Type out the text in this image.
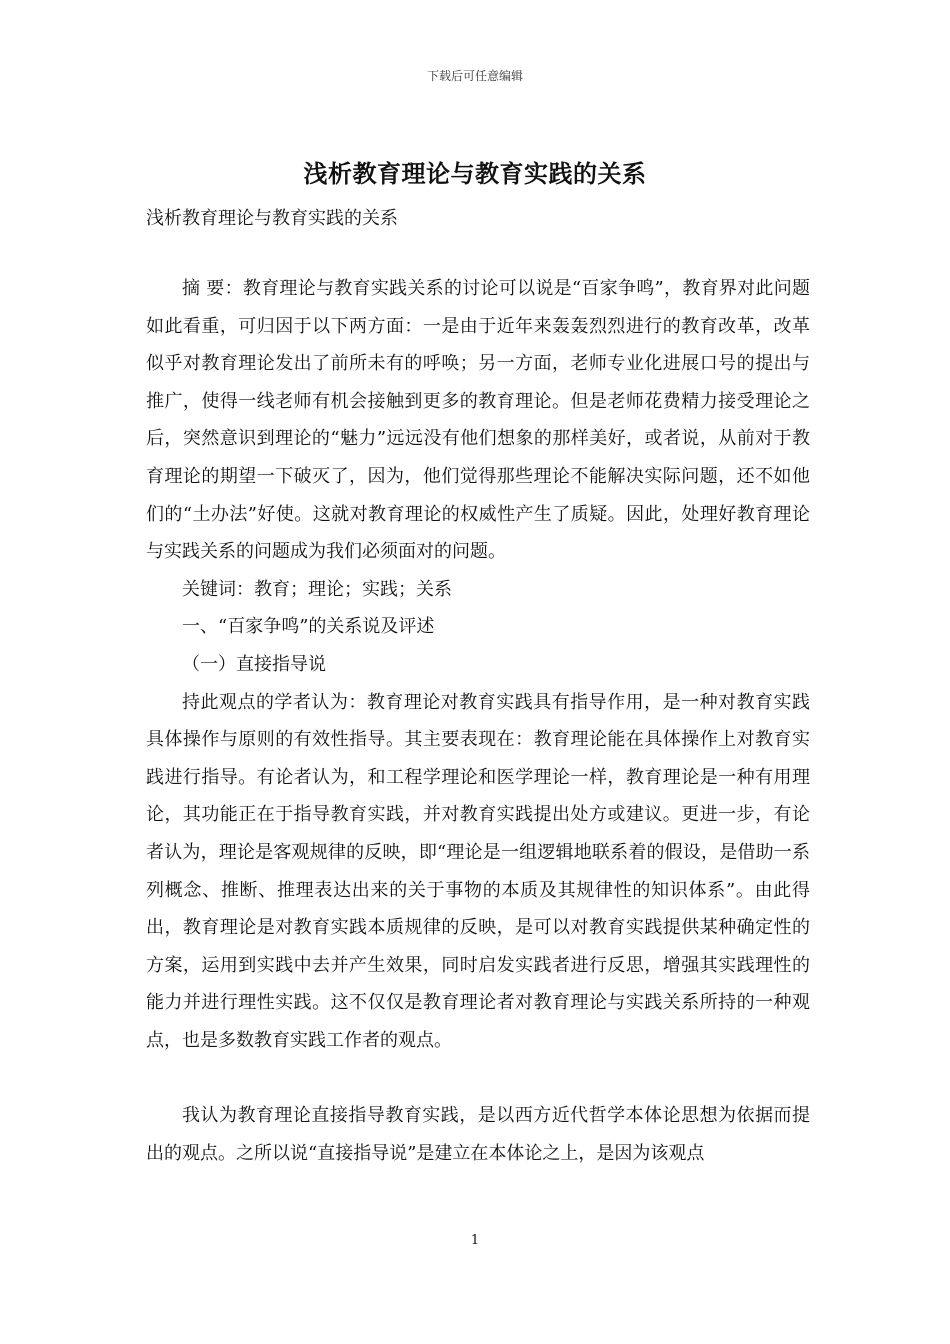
下载后可任意编辑
浅析教育理论与教育实践的关系
浅析教育理论与教育实践的关系

摘 要：教育理论与教育实践关系的讨论可以说是“百家争鸣”，教育界对此问题如此看重，可归因于以下两方面：一是由于近年来轰轰烈烈进行的教育改革，改革似乎对教育理论发出了前所未有的呼唤；另一方面，老师专业化进展口号的提出与推广，使得一线老师有机会接触到更多的教育理论。但是老师花费精力接受理论之后，突然意识到理论的“魅力”远远没有他们想象的那样美好，或者说，从前对于教育理论的期望一下破灭了，因为，他们觉得那些理论不能解决实际问题，还不如他们的“土办法”好使。这就对教育理论的权威性产生了质疑。因此，处理好教育理论与实践关系的问题成为我们必须面对的问题。

关键词：教育；理论；实践；关系

一、“百家争鸣”的关系说及评述

（一）直接指导说

持此观点的学者认为：教育理论对教育实践具有指导作用，是一种对教育实践具体操作与原则的有效性指导。其主要表现在：教育理论能在具体操作上对教育实践进行指导。有论者认为，和工程学理论和医学理论一样，教育理论是一种有用理论，其功能正在于指导教育实践，并对教育实践提出处方或建议。更进一步，有论者认为，理论是客观规律的反映，即“理论是一组逻辑地联系着的假设，是借助一系列概念、推断、推理表达出来的关于事物的本质及其规律性的知识体系”。由此得出，教育理论是对教育实践本质规律的反映，是可以对教育实践提供某种确定性的方案，运用到实践中去并产生效果，同时启发实践者进行反思，增强其实践理性的能力并进行理性实践。这不仅仅是教育理论者对教育理论与实践关系所持的一种观点，也是多数教育实践工作者的观点。

我认为教育理论直接指导教育实践，是以西方近代哲学本体论思想为依据而提出的观点。之所以说“直接指导说”是建立在本体论之上，是因为该观点

1
